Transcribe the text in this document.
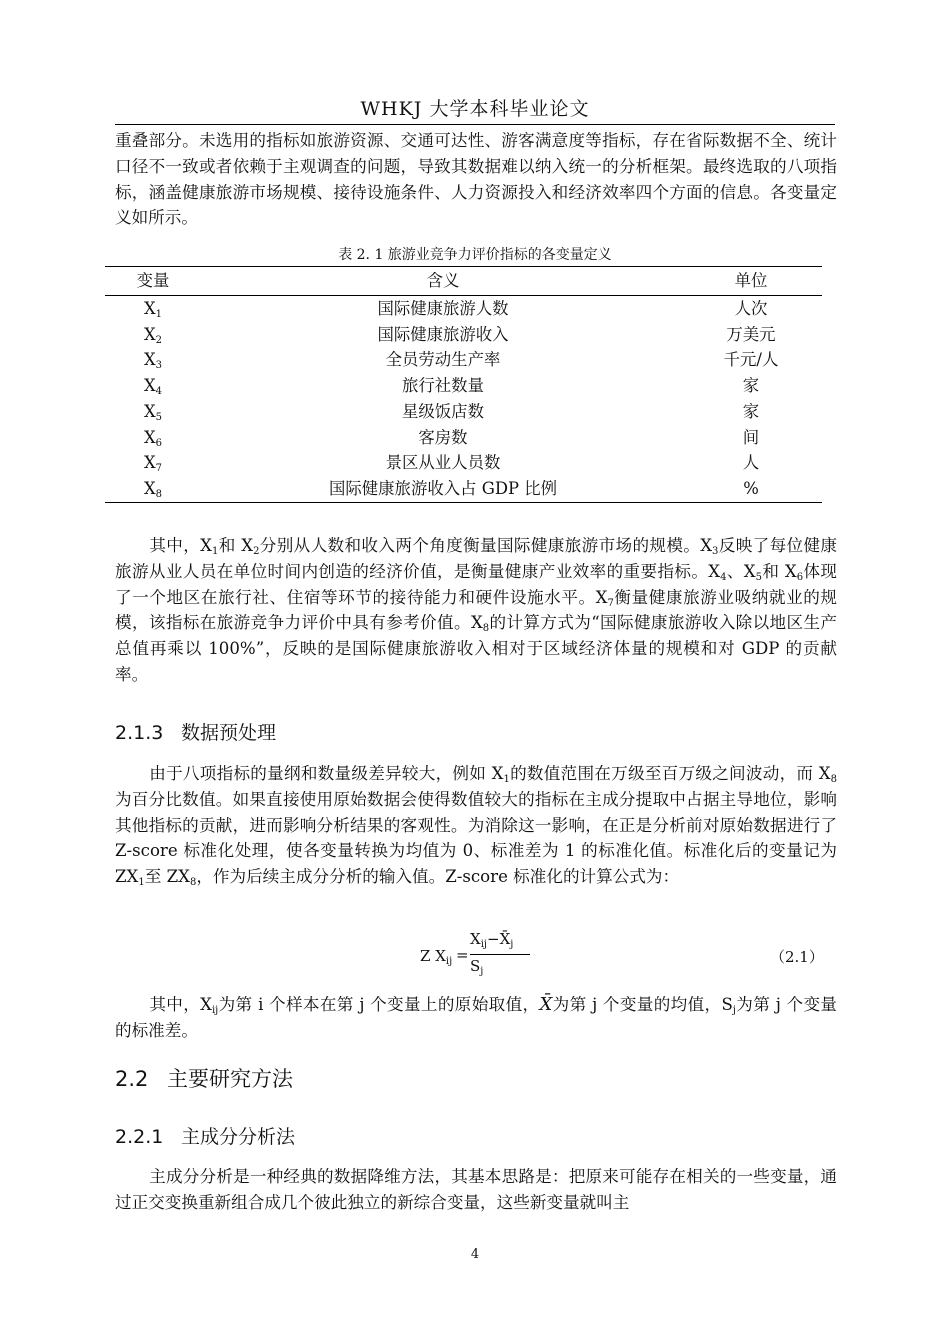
WHKJ 大学本科毕业论文
重叠部分。未选用的指标如旅游资源、交通可达性、游客满意度等指标，存在省际数据不全、统计口径不一致或者依赖于主观调查的问题，导致其数据难以纳入统一的分析框架。最终选取的八项指标，涵盖健康旅游市场规模、接待设施条件、人力资源投入和经济效率四个方面的信息。各变量定义如所示。
表 2. 1 旅游业竞争力评价指标的各变量定义
变量	含义	单位
$X_1$	国际健康旅游人数	人次
$X_2$	国际健康旅游收入	万美元
$X_3$	全员劳动生产率	千元/人
$X_4$	旅行社数量	家
$X_5$	星级饭店数	家
$X_6$	客房数	间
$X_7$	景区从业人员数	人
$X_8$	国际健康旅游收入占 GDP 比例	%
其中，$X_1$和 $X_2$分别从人数和收入两个角度衡量国际健康旅游市场的规模。$X_3$反映了每位健康旅游从业人员在单位时间内创造的经济价值，是衡量健康产业效率的重要指标。$X_4$、$X_5$和 $X_6$体现了一个地区在旅行社、住宿等环节的接待能力和硬件设施水平。$X_7$衡量健康旅游业吸纳就业的规模，该指标在旅游竞争力评价中具有参考价值。$X_8$的计算方式为“国际健康旅游收入除以地区生产总值再乘以 100%”，反映的是国际健康旅游收入相对于区域经济体量的规模和对 GDP 的贡献率。
2.1.3 数据预处理
由于八项指标的量纲和数量级差异较大，例如 $X_1$的数值范围在万级至百万级之间波动，而 $X_8$为百分比数值。如果直接使用原始数据会使得数值较大的指标在主成分提取中占据主导地位，影响其他指标的贡献，进而影响分析结果的客观性。为消除这一影响，在正是分析前对原始数据进行了 Z-score 标准化处理，使各变量转换为均值为 0、标准差为 1 的标准化值。标准化后的变量记为 $ZX_1$至 $ZX_8$，作为后续主成分分析的输入值。Z-score 标准化的计算公式为：
Z $X_{ij}$ =
$X_{ij}-X̄_j$
$S_j$
（2.1）
其中，$X_{ij}$为第 i 个样本在第 j 个变量上的原始取值，X̄为第 j 个变量的均值，$S_j$为第 j 个变量的标准差。
2.2 主要研究方法
2.2.1 主成分分析法
主成分分析是一种经典的数据降维方法，其基本思路是：把原来可能存在相关的一些变量，通过正交变换重新组合成几个彼此独立的新综合变量，这些新变量就叫主
4
